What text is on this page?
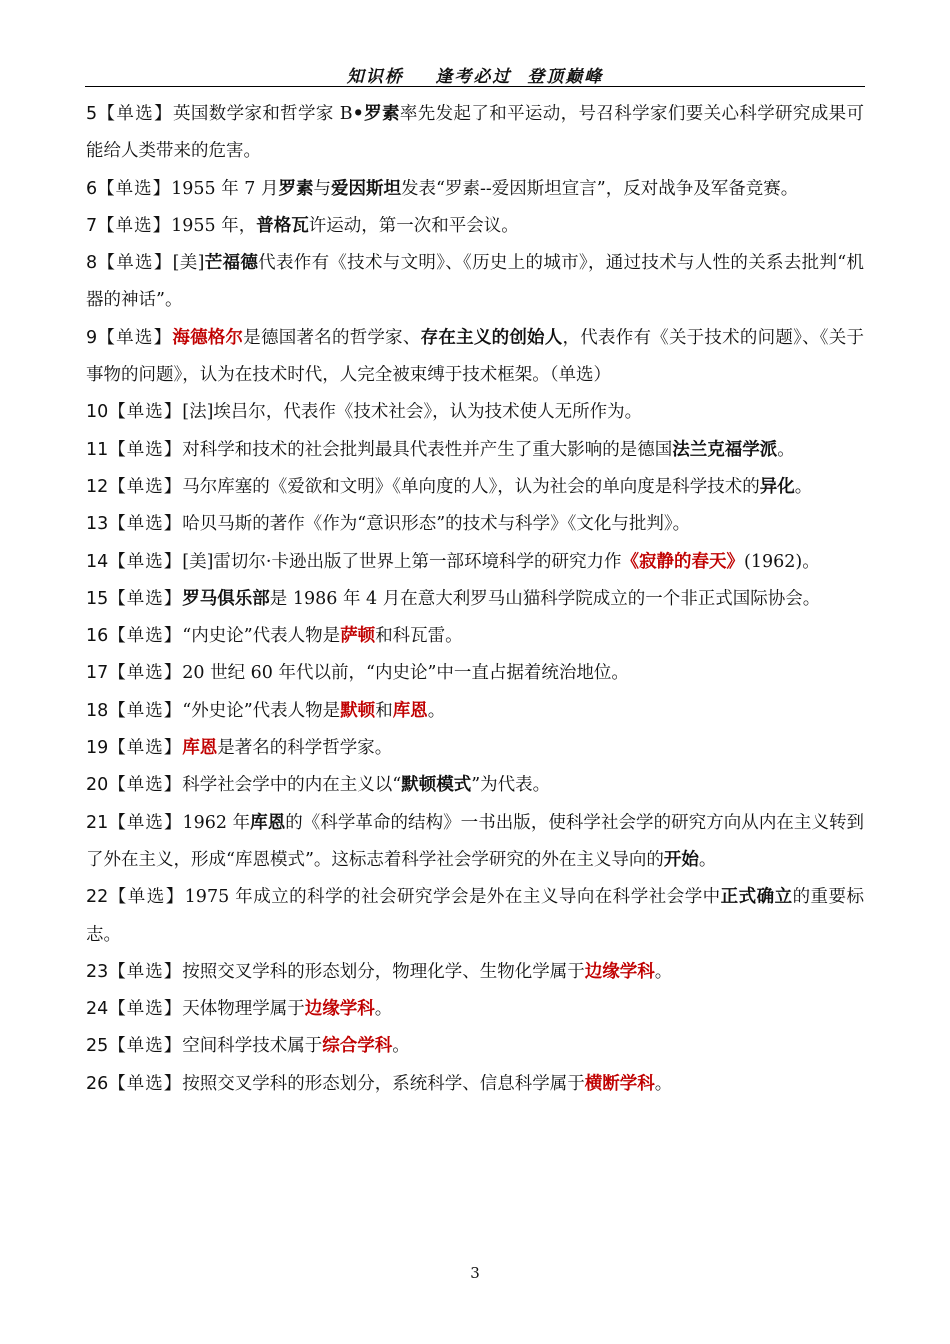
知识桥    逢考必过  登顶巅峰

5【单选】英国数学家和哲学家 B•罗素率先发起了和平运动，号召科学家们要关心科学研究成果可能给人类带来的危害。

6【单选】1955 年 7 月罗素与爱因斯坦发表“罗素--爱因斯坦宣言”，反对战争及军备竞赛。

7【单选】1955 年，普格瓦许运动，第一次和平会议。

8【单选】[美]芒福德代表作有《技术与文明》、《历史上的城市》，通过技术与人性的关系去批判“机器的神话”。

9【单选】海德格尔是德国著名的哲学家、存在主义的创始人，代表作有《关于技术的问题》、《关于事物的问题》，认为在技术时代，人完全被束缚于技术框架。（单选）

10【单选】[法]埃吕尔，代表作《技术社会》，认为技术使人无所作为。

11【单选】对科学和技术的社会批判最具代表性并产生了重大影响的是德国法兰克福学派。

12【单选】马尔库塞的《爱欲和文明》《单向度的人》，认为社会的单向度是科学技术的异化。

13【单选】哈贝马斯的著作《作为“意识形态”的技术与科学》《文化与批判》。

14【单选】[美]雷切尔·卡逊出版了世界上第一部环境科学的研究力作《寂静的春天》(1962)。

15【单选】罗马俱乐部是 1986 年 4 月在意大利罗马山猫科学院成立的一个非正式国际协会。

16【单选】“内史论”代表人物是萨顿和科瓦雷。

17【单选】20 世纪 60 年代以前，“内史论”中一直占据着统治地位。

18【单选】“外史论”代表人物是默顿和库恩。

19【单选】库恩是著名的科学哲学家。

20【单选】科学社会学中的内在主义以“默顿模式”为代表。

21【单选】1962 年库恩的《科学革命的结构》一书出版，使科学社会学的研究方向从内在主义转到了外在主义，形成“库恩模式”。这标志着科学社会学研究的外在主义导向的开始。

22【单选】1975 年成立的科学的社会研究学会是外在主义导向在科学社会学中正式确立的重要标志。

23【单选】按照交叉学科的形态划分，物理化学、生物化学属于边缘学科。

24【单选】天体物理学属于边缘学科。

25【单选】空间科学技术属于综合学科。

26【单选】按照交叉学科的形态划分，系统科学、信息科学属于横断学科。

3
